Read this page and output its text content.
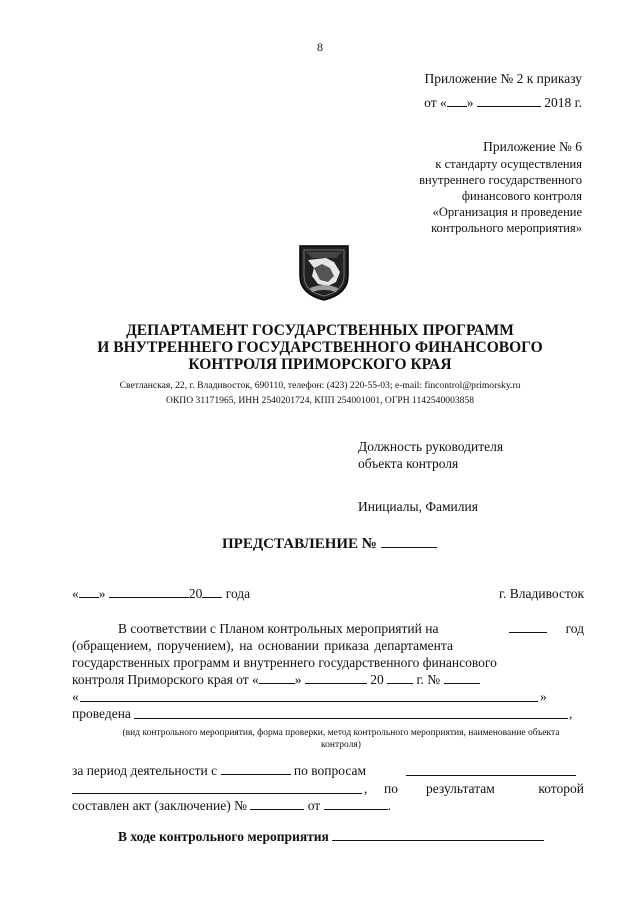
8
Приложение № 2 к приказу
от « »	2018 г.
Приложение № 6
к стандарту осуществления
внутреннего государственного
финансового контроля
«Организация и проведение
контрольного мероприятия»
ДЕПАРТАМЕНТ ГОСУДАРСТВЕННЫХ ПРОГРАММ
И ВНУТРЕННЕГО ГОСУДАРСТВЕННОГО ФИНАНСОВОГО
КОНТРОЛЯ ПРИМОРСКОГО КРАЯ
Светланская, 22, г. Владивосток, 690110, телефон: (423) 220-55-03; e-mail: fincontrol@primorsky.ru
ОКПО 31171965, ИНН 2540201724, КПП 254001001, ОГРН 1142540003858
Должность руководителя
объекта контроля
Инициалы, Фамилия
ПРЕДСТАВЛЕНИЕ №
« »	20 года	г. Владивосток
В соответствии с Планом контрольных мероприятий на	год
(обращением, поручением), на основании приказа департамента
государственных программ и внутреннего государственного финансового
контроля Приморского края от «	»	20 г. №
«	»
проведена	,
(вид контрольного мероприятия, форма проверки, метод контрольного мероприятия, наименование объекта контроля)
за период деятельности с	по вопросам
, по результатам	которой
составлен акт (заключение) №	от	.
В ходе контрольного мероприятия
